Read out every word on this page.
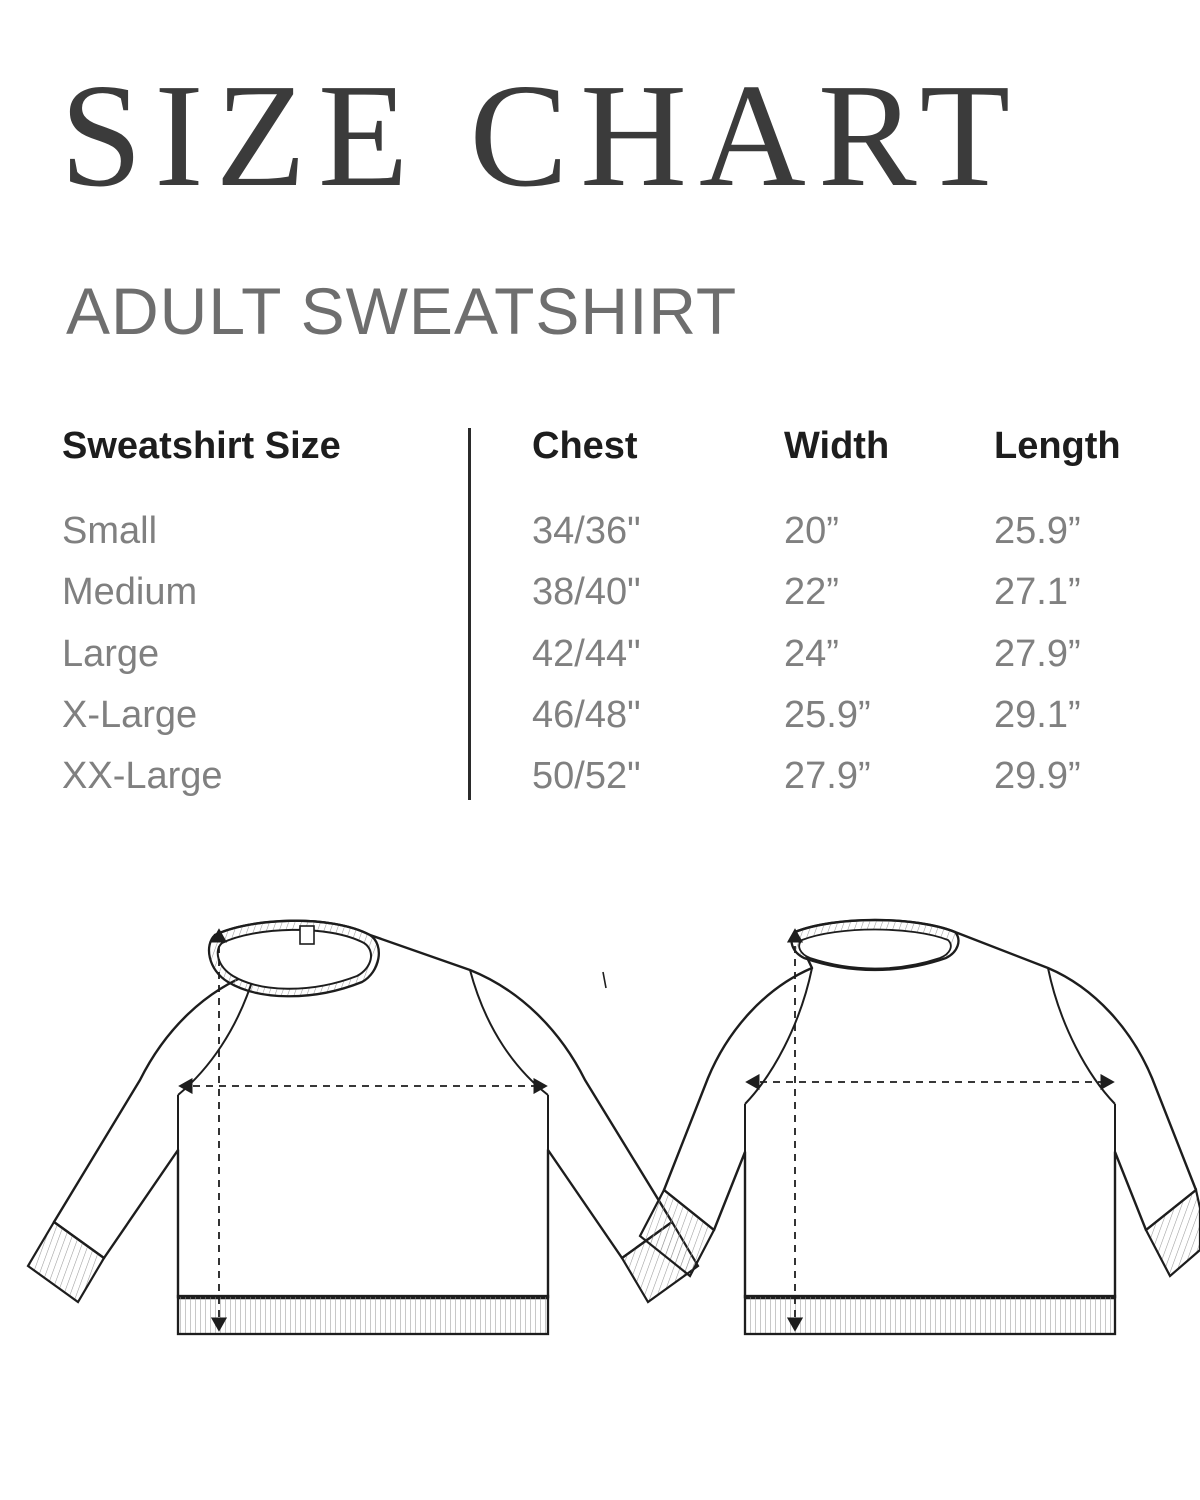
SIZE CHART
ADULT SWEATSHIRT
Sweatshirt Size	Chest	Width	Length
Small	34/36"	20”	25.9”
Medium	38/40"	22”	27.1”
Large	42/44"	24”	27.9”
X-Large	46/48"	25.9”	29.1”
XX-Large	50/52"	27.9”	29.9”
